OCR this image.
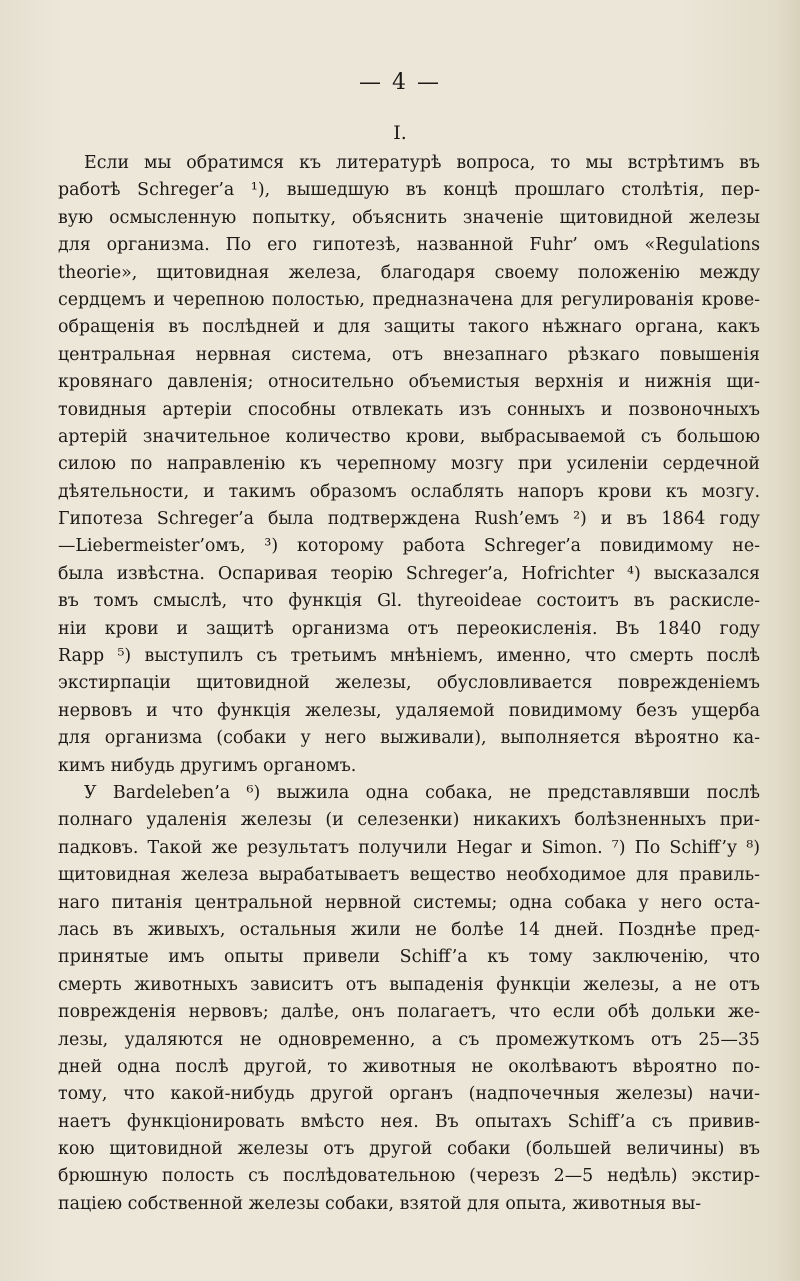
— 4 —
I.
Если мы обратимся къ литературѣ вопроса, то мы встрѣтимъ въ
работѣ Schreger’а ¹), вышедшую въ концѣ прошлаго столѣтія, пер-
вую осмысленную попытку, объяснить значеніе щитовидной железы
для организма. По его гипотезѣ, названной Fuhr’ омъ «Regulations
theorie», щитовидная железа, благодаря своему положенію между
сердцемъ и черепною полостью, предназначена для регулированія крове-
обращенія въ послѣдней и для защиты такого нѣжнаго органа, какъ
центральная нервная система, отъ внезапнаго рѣзкаго повышенія
кровянаго давленія; относительно объемистыя верхнія и нижнія щи-
товидныя артеріи способны отвлекать изъ сонныхъ и позвоночныхъ
артерій значительное количество крови, выбрасываемой съ большою
силою по направленію къ черепному мозгу при усиленіи сердечной
дѣятельности, и такимъ образомъ ослаблять напоръ крови къ мозгу.
Гипотеза Schreger’а была подтверждена Rush’емъ ²) и въ 1864 году
—Liebermeister’омъ, ³) которому работа Schreger’а повидимому не-
была извѣстна. Оспаривая теорію Schreger’а, Hofrichter ⁴) высказался
въ томъ смыслѣ, что функція Gl. thyreoideae состоитъ въ раскисле-
ніи крови и защитѣ организма отъ переокисленія. Въ 1840 году
Rapp ⁵) выступилъ съ третьимъ мнѣніемъ, именно, что смерть послѣ
экстирпаціи щитовидной железы, обусловливается поврежденіемъ
нервовъ и что функція железы, удаляемой повидимому безъ ущерба
для организма (собаки у него выживали), выполняется вѣроятно ка-
кимъ нибудь другимъ органомъ.
У Bardeleben’а ⁶) выжила одна собака, не представлявши послѣ
полнаго удаленія железы (и селезенки) никакихъ болѣзненныхъ при-
падковъ. Такой же результатъ получили Hegar и Simon. ⁷) По Schiff’у ⁸)
щитовидная железа вырабатываетъ вещество необходимое для правиль-
наго питанія центральной нервной системы; одна собака у него оста-
лась въ живыхъ, остальныя жили не болѣе 14 дней. Позднѣе пред-
принятые имъ опыты привели Schiff’а къ тому заключенію, что
смерть животныхъ зависитъ отъ выпаденія функціи железы, а не отъ
поврежденія нервовъ; далѣе, онъ полагаетъ, что если обѣ дольки же-
лезы, удаляются не одновременно, а съ промежуткомъ отъ 25—35
дней одна послѣ другой, то животныя не околѣваютъ вѣроятно по-
тому, что какой-нибудь другой органъ (надпочечныя железы) начи-
наетъ функціонировать вмѣсто нея. Въ опытахъ Schiff’а съ привив-
кою щитовидной железы отъ другой собаки (большей величины) въ
брюшную полость съ послѣдовательною (черезъ 2—5 недѣль) экстир-
паціею собственной железы собаки, взятой для опыта, животныя вы-
